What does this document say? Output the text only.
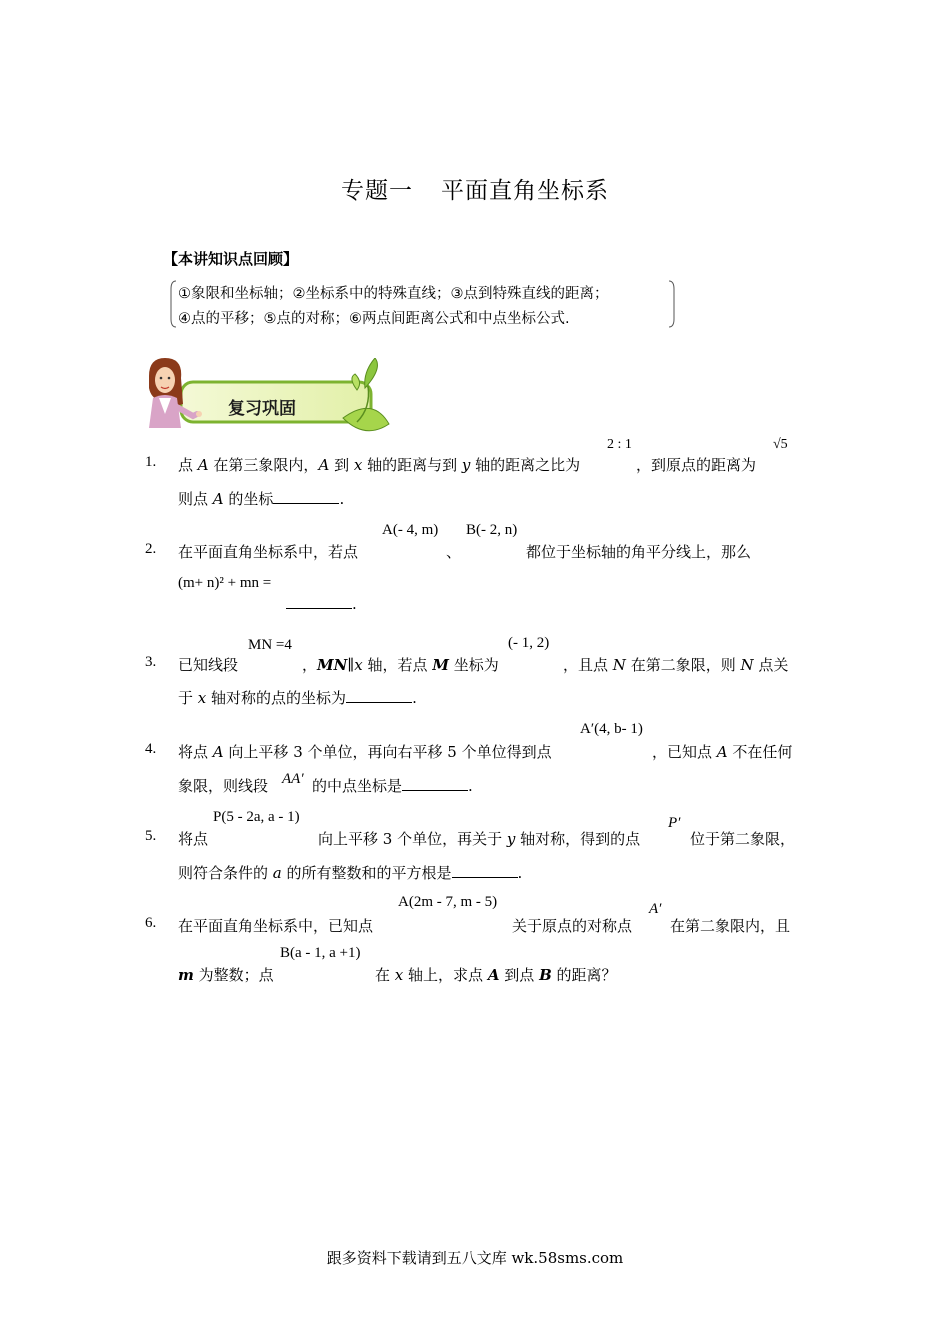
专题一 平面直角坐标系
【本讲知识点回顾】
①象限和坐标轴；②坐标系中的特殊直线；③点到特殊直线的距离；
④点的平移；⑤点的对称；⑥两点间距离公式和中点坐标公式.
复习巩固
1. 点 A 在第三象限内，A 到 x 轴的距离与到 y 轴的距离之比为
2 : 1
，到原点的距离为
√5
则点 A 的坐标	.
2. 在平面直角坐标系中，若点
A(- 4, m)
、
B(- 2, n)
都位于坐标轴的角平分线上，那么
(m+ n)² + mn =
.
3. 已知线段
MN =4
，MN∥x 轴，若点 M 坐标为
(- 1, 2)
，且点 N 在第二象限，则 N 点关
于 x 轴对称的点的坐标为	.
4. 将点 A 向上平移 3 个单位，再向右平移 5 个单位得到点
A′(4, b- 1)
，已知点 A 不在任何
象限，则线段 AA′ 的中点坐标是	.
5. 将点
P(5 - 2a, a - 1)
向上平移 3 个单位，再关于 y 轴对称，得到的点
P′
位于第二象限，
则符合条件的 a 的所有整数和的平方根是	.
6. 在平面直角坐标系中，已知点
A(2m - 7, m - 5)
关于原点的对称点
A′
在第二象限内，且
m 为整数；点
B(a - 1, a +1)
在 x 轴上，求点 A 到点 B 的距离？
跟多资料下载请到五八文库 wk.58sms.com
